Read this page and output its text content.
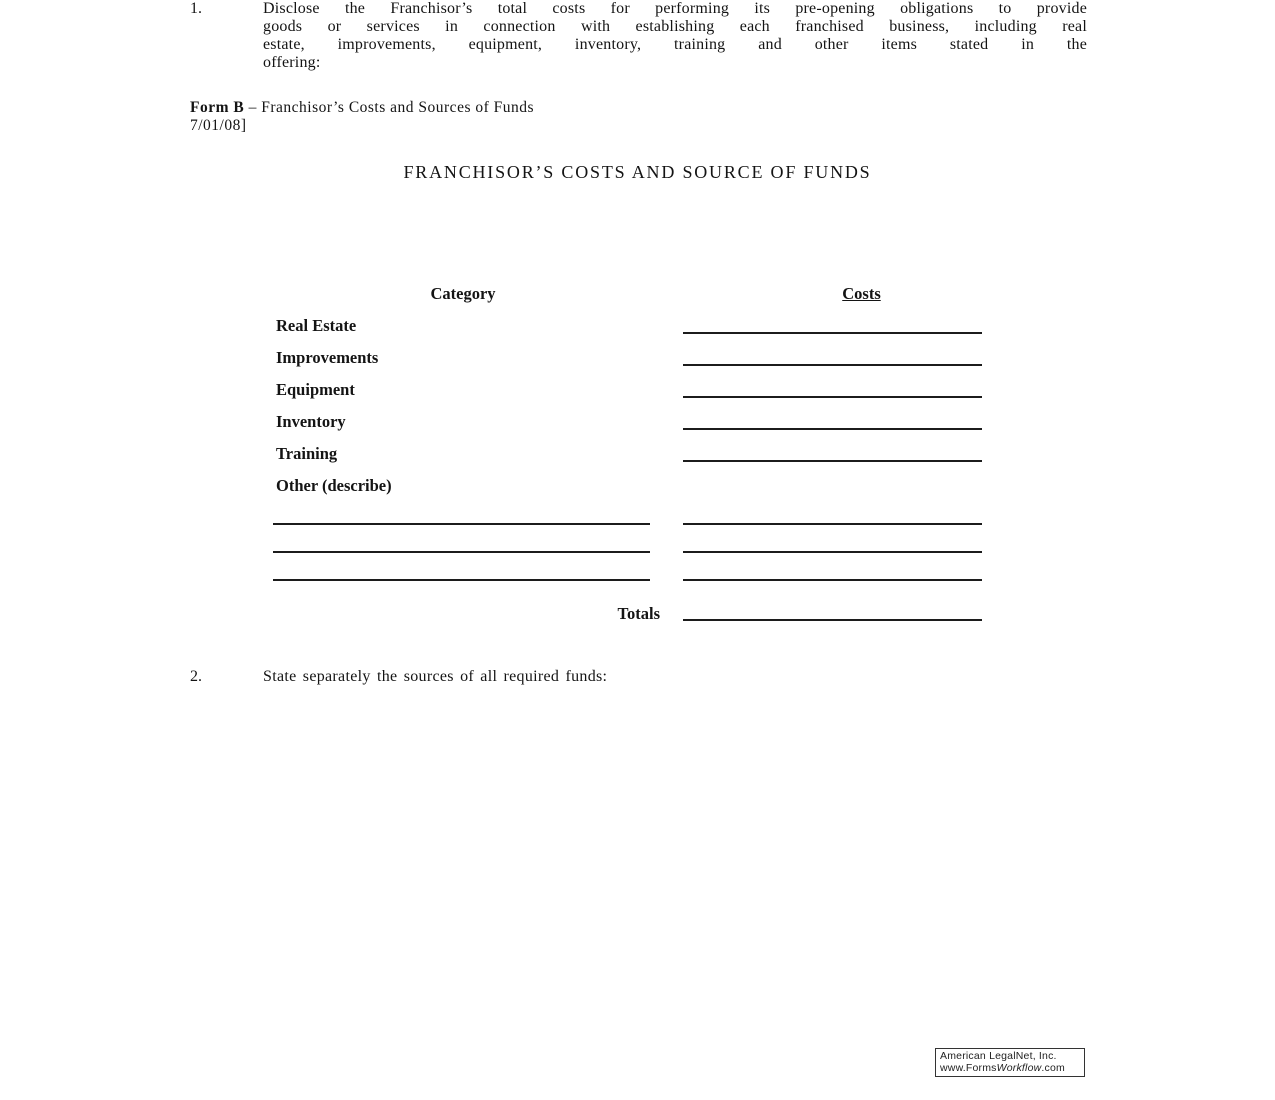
Form B – Franchisor’s Costs and Sources of Funds
7/01/08]
FRANCHISOR’S COSTS AND SOURCE OF FUNDS
1.	Disclose the Franchisor’s total costs for performing its pre-opening obligations to provide
goods or services in connection with establishing each franchised business, including real
estate, improvements, equipment, inventory, training and other items stated in the
offering:
Category	Costs
Real Estate
Improvements
Equipment
Inventory
Training
Other (describe)
Totals
2.	State separately the sources of all required funds:
American LegalNet, Inc.
www.FormsWorkflow.com
